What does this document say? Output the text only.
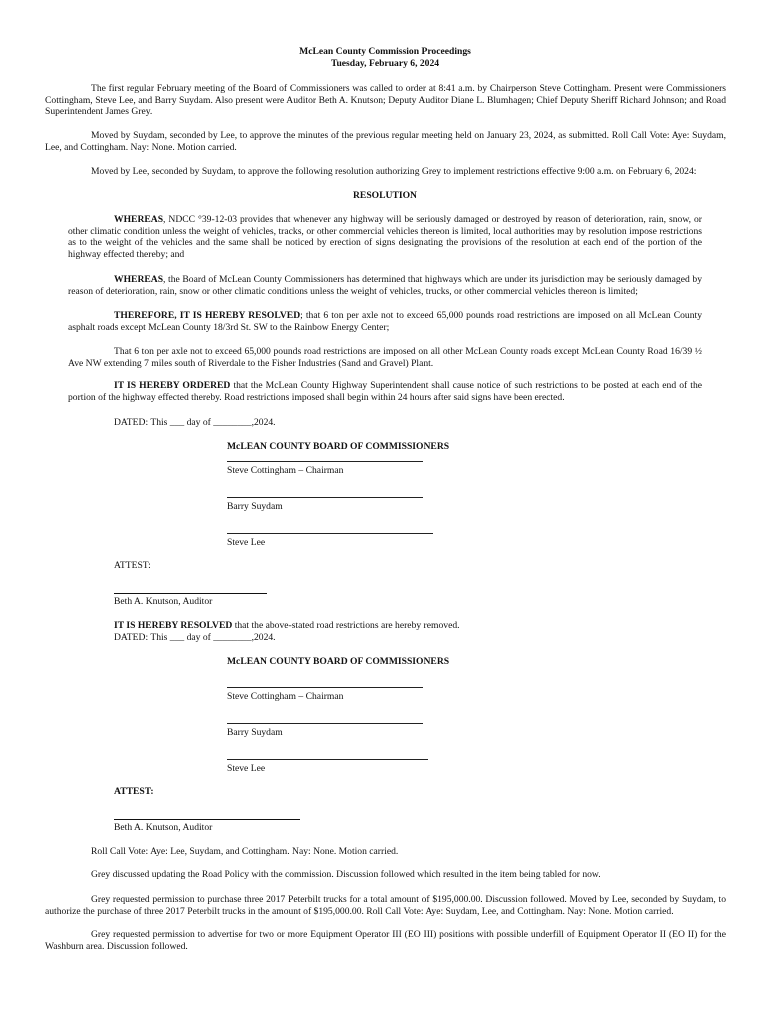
McLean County Commission Proceedings
Tuesday, February 6, 2024
The first regular February meeting of the Board of Commissioners was called to order at 8:41 a.m. by Chairperson Steve Cottingham. Present were Commissioners Cottingham, Steve Lee, and Barry Suydam. Also present were Auditor Beth A. Knutson; Deputy Auditor Diane L. Blumhagen; Chief Deputy Sheriff Richard Johnson; and Road Superintendent James Grey.
Moved by Suydam, seconded by Lee, to approve the minutes of the previous regular meeting held on January 23, 2024, as submitted. Roll Call Vote: Aye: Suydam, Lee, and Cottingham. Nay: None. Motion carried.
Moved by Lee, seconded by Suydam, to approve the following resolution authorizing Grey to implement restrictions effective 9:00 a.m. on February 6, 2024:
RESOLUTION
WHEREAS, NDCC °39-12-03 provides that whenever any highway will be seriously damaged or destroyed by reason of deterioration, rain, snow, or other climatic condition unless the weight of vehicles, tracks, or other commercial vehicles thereon is limited, local authorities may by resolution impose restrictions as to the weight of the vehicles and the same shall be noticed by erection of signs designating the provisions of the resolution at each end of the portion of the highway effected thereby; and
WHEREAS, the Board of McLean County Commissioners has determined that highways which are under its jurisdiction may be seriously damaged by reason of deterioration, rain, snow or other climatic conditions unless the weight of vehicles, trucks, or other commercial vehicles thereon is limited;
THEREFORE, IT IS HEREBY RESOLVED; that 6 ton per axle not to exceed 65,000 pounds road restrictions are imposed on all McLean County asphalt roads except McLean County 18/3rd St. SW to the Rainbow Energy Center;
That 6 ton per axle not to exceed 65,000 pounds road restrictions are imposed on all other McLean County roads except McLean County Road 16/39 ½ Ave NW extending 7 miles south of Riverdale to the Fisher Industries (Sand and Gravel) Plant.
IT IS HEREBY ORDERED that the McLean County Highway Superintendent shall cause notice of such restrictions to be posted at each end of the portion of the highway effected thereby. Road restrictions imposed shall begin within 24 hours after said signs have been erected.
DATED: This ___ day of ________,2024.
McLEAN COUNTY BOARD OF COMMISSIONERS
Steve Cottingham – Chairman
Barry Suydam
Steve Lee
ATTEST:
Beth A. Knutson, Auditor
IT IS HEREBY RESOLVED that the above-stated road restrictions are hereby removed.
DATED: This ___ day of ________,2024.
McLEAN COUNTY BOARD OF COMMISSIONERS
Steve Cottingham – Chairman
Barry Suydam
Steve Lee
ATTEST:
Beth A. Knutson, Auditor
Roll Call Vote: Aye: Lee, Suydam, and Cottingham. Nay: None. Motion carried.
Grey discussed updating the Road Policy with the commission. Discussion followed which resulted in the item being tabled for now.
Grey requested permission to purchase three 2017 Peterbilt trucks for a total amount of $195,000.00. Discussion followed. Moved by Lee, seconded by Suydam, to authorize the purchase of three 2017 Peterbilt trucks in the amount of $195,000.00. Roll Call Vote: Aye: Suydam, Lee, and Cottingham. Nay: None. Motion carried.
Grey requested permission to advertise for two or more Equipment Operator III (EO III) positions with possible underfill of Equipment Operator II (EO II) for the Washburn area. Discussion followed.
